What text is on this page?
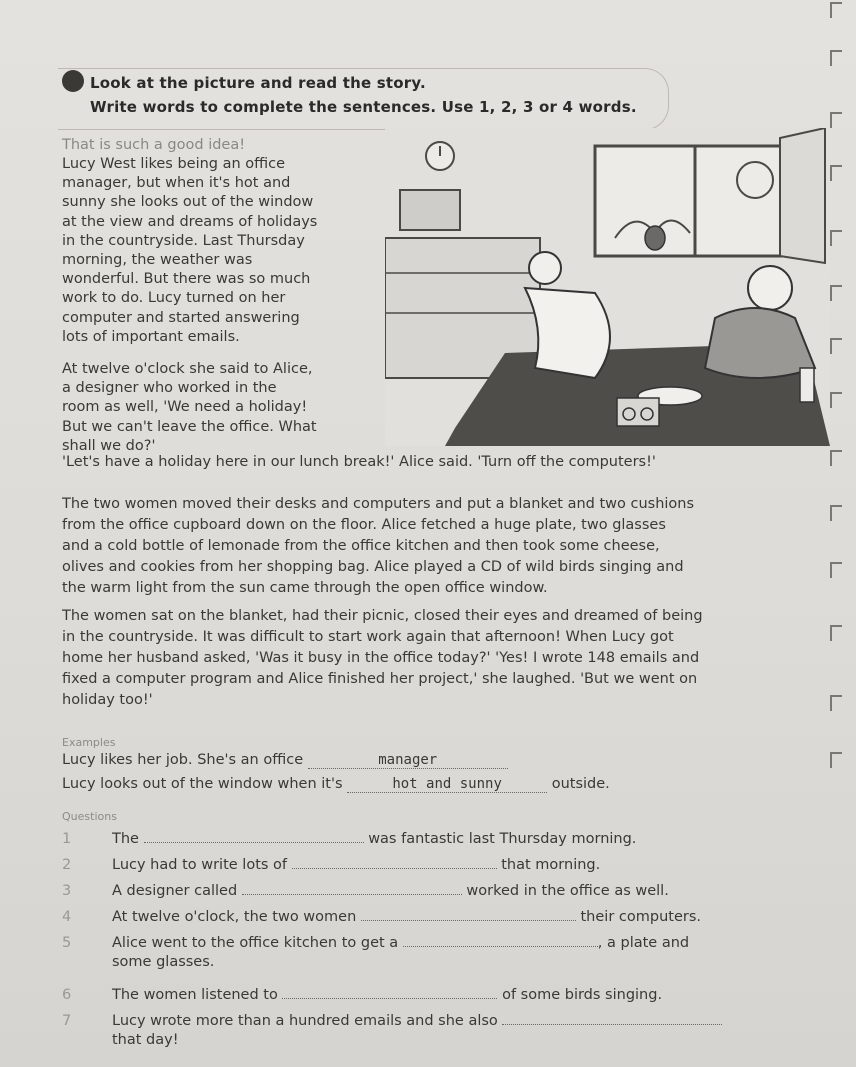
Look at the picture and read the story.
Write words to complete the sentences. Use 1, 2, 3 or 4 words.
That is such a good idea!
Lucy West likes being an office
manager, but when it's hot and
sunny she looks out of the window
at the view and dreams of holidays
in the countryside. Last Thursday
morning, the weather was
wonderful. But there was so much
work to do. Lucy turned on her
computer and started answering
lots of important emails.
At twelve o'clock she said to Alice,
a designer who worked in the
room as well, 'We need a holiday!
But we can't leave the office. What
shall we do?'
'Let's have a holiday here in our lunch break!' Alice said. 'Turn off the computers!'
The two women moved their desks and computers and put a blanket and two cushions
from the office cupboard down on the floor. Alice fetched a huge plate, two glasses
and a cold bottle of lemonade from the office kitchen and then took some cheese,
olives and cookies from her shopping bag. Alice played a CD of wild birds singing and
the warm light from the sun came through the open office window.
The women sat on the blanket, had their picnic, closed their eyes and dreamed of being
in the countryside. It was difficult to start work again that afternoon! When Lucy got
home her husband asked, 'Was it busy in the office today?' 'Yes! I wrote 148 emails and
fixed a computer program and Alice finished her project,' she laughed. 'But we went on
holiday too!'
Examples
Lucy likes her job. She's an office	manager
Lucy looks out of the window when it's	hot and sunny	outside.
Questions
1	The	was fantastic last Thursday morning.
2	Lucy had to write lots of	that morning.
3	A designer called	worked in the office as well.
4	At twelve o'clock, the two women	their computers.
5	Alice went to the office kitchen to get a	, a plate and
some glasses.
6	The women listened to	of some birds singing.
7	Lucy wrote more than a hundred emails and she also
that day!
